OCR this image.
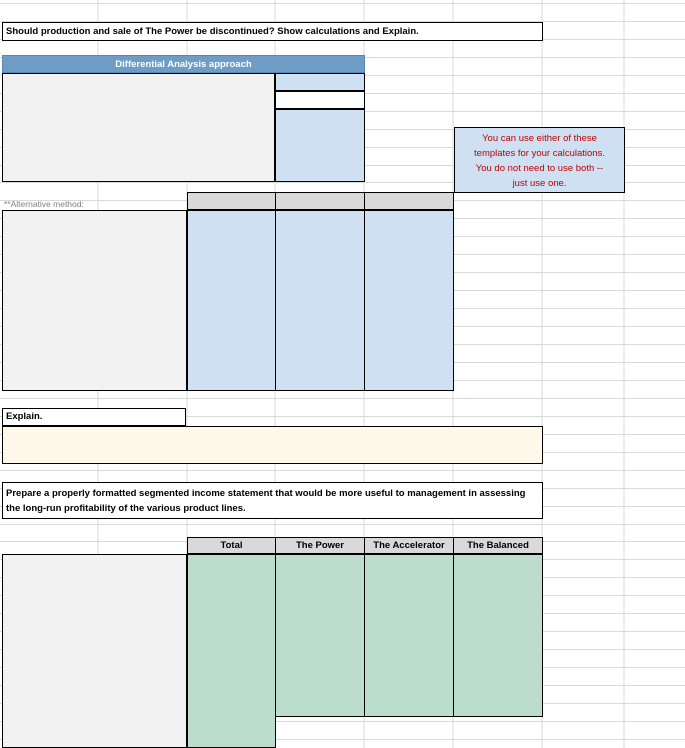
Should production and sale of The Power be discontinued? Show calculations and Explain.
Differential Analysis approach
You can use either of these
templates for your calculations.
You do not need to use both --
just use one.
**Alternative method:
Explain.
Prepare a properly formatted segmented income statement that would be more useful to management in assessing
the long-run profitability of the various product lines.
Total	The Power	The Accelerator	The Balanced
